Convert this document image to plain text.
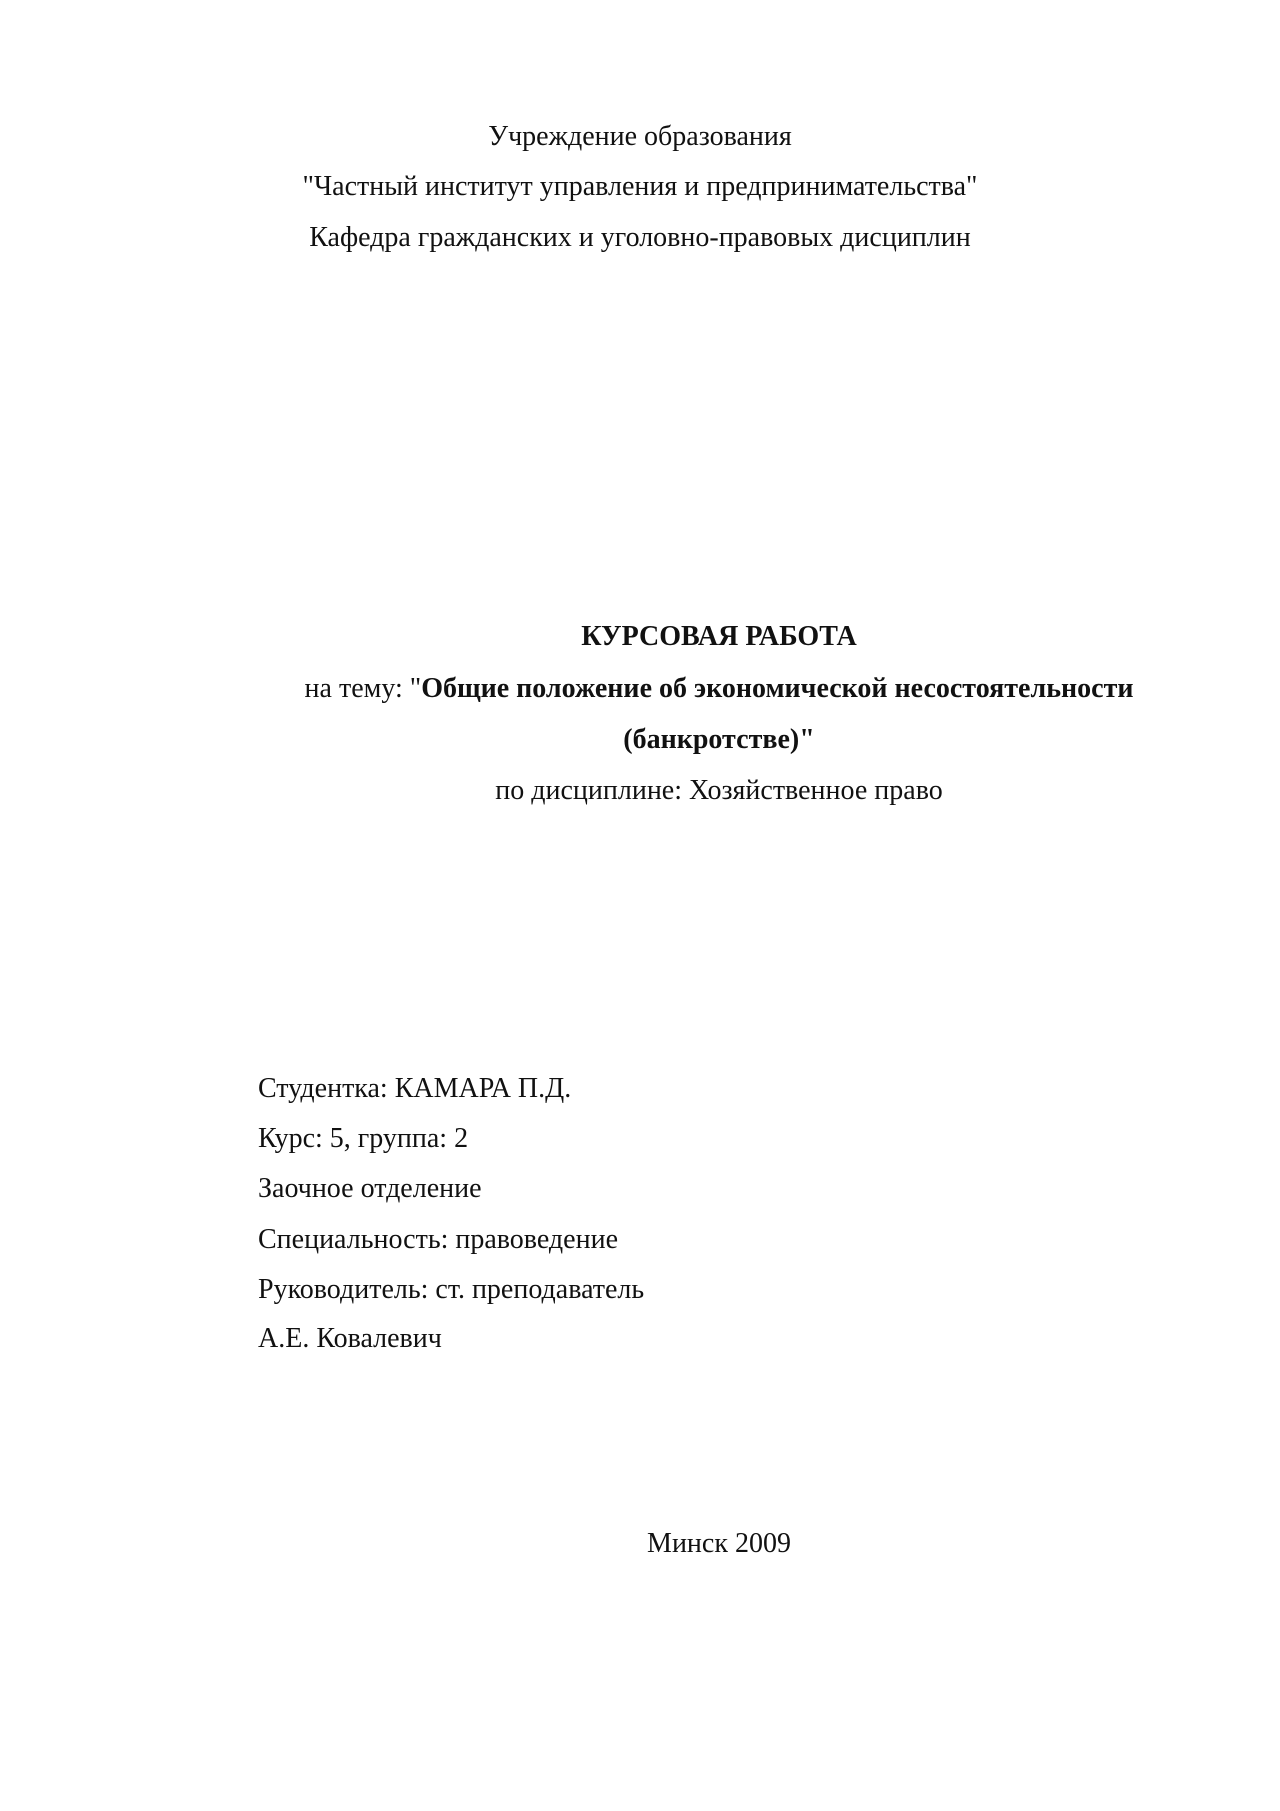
Учреждение образования
"Частный институт управления и предпринимательства"
Кафедра гражданских и уголовно-правовых дисциплин
КУРСОВАЯ РАБОТА
на тему: "Общие положение об экономической несостоятельности
(банкротстве)"
по дисциплине: Хозяйственное право
Студентка: КАМАРА П.Д.
Курс: 5, группа: 2
Заочное отделение
Специальность: правоведение
Руководитель: ст. преподаватель
А.Е. Ковалевич
Минск 2009
